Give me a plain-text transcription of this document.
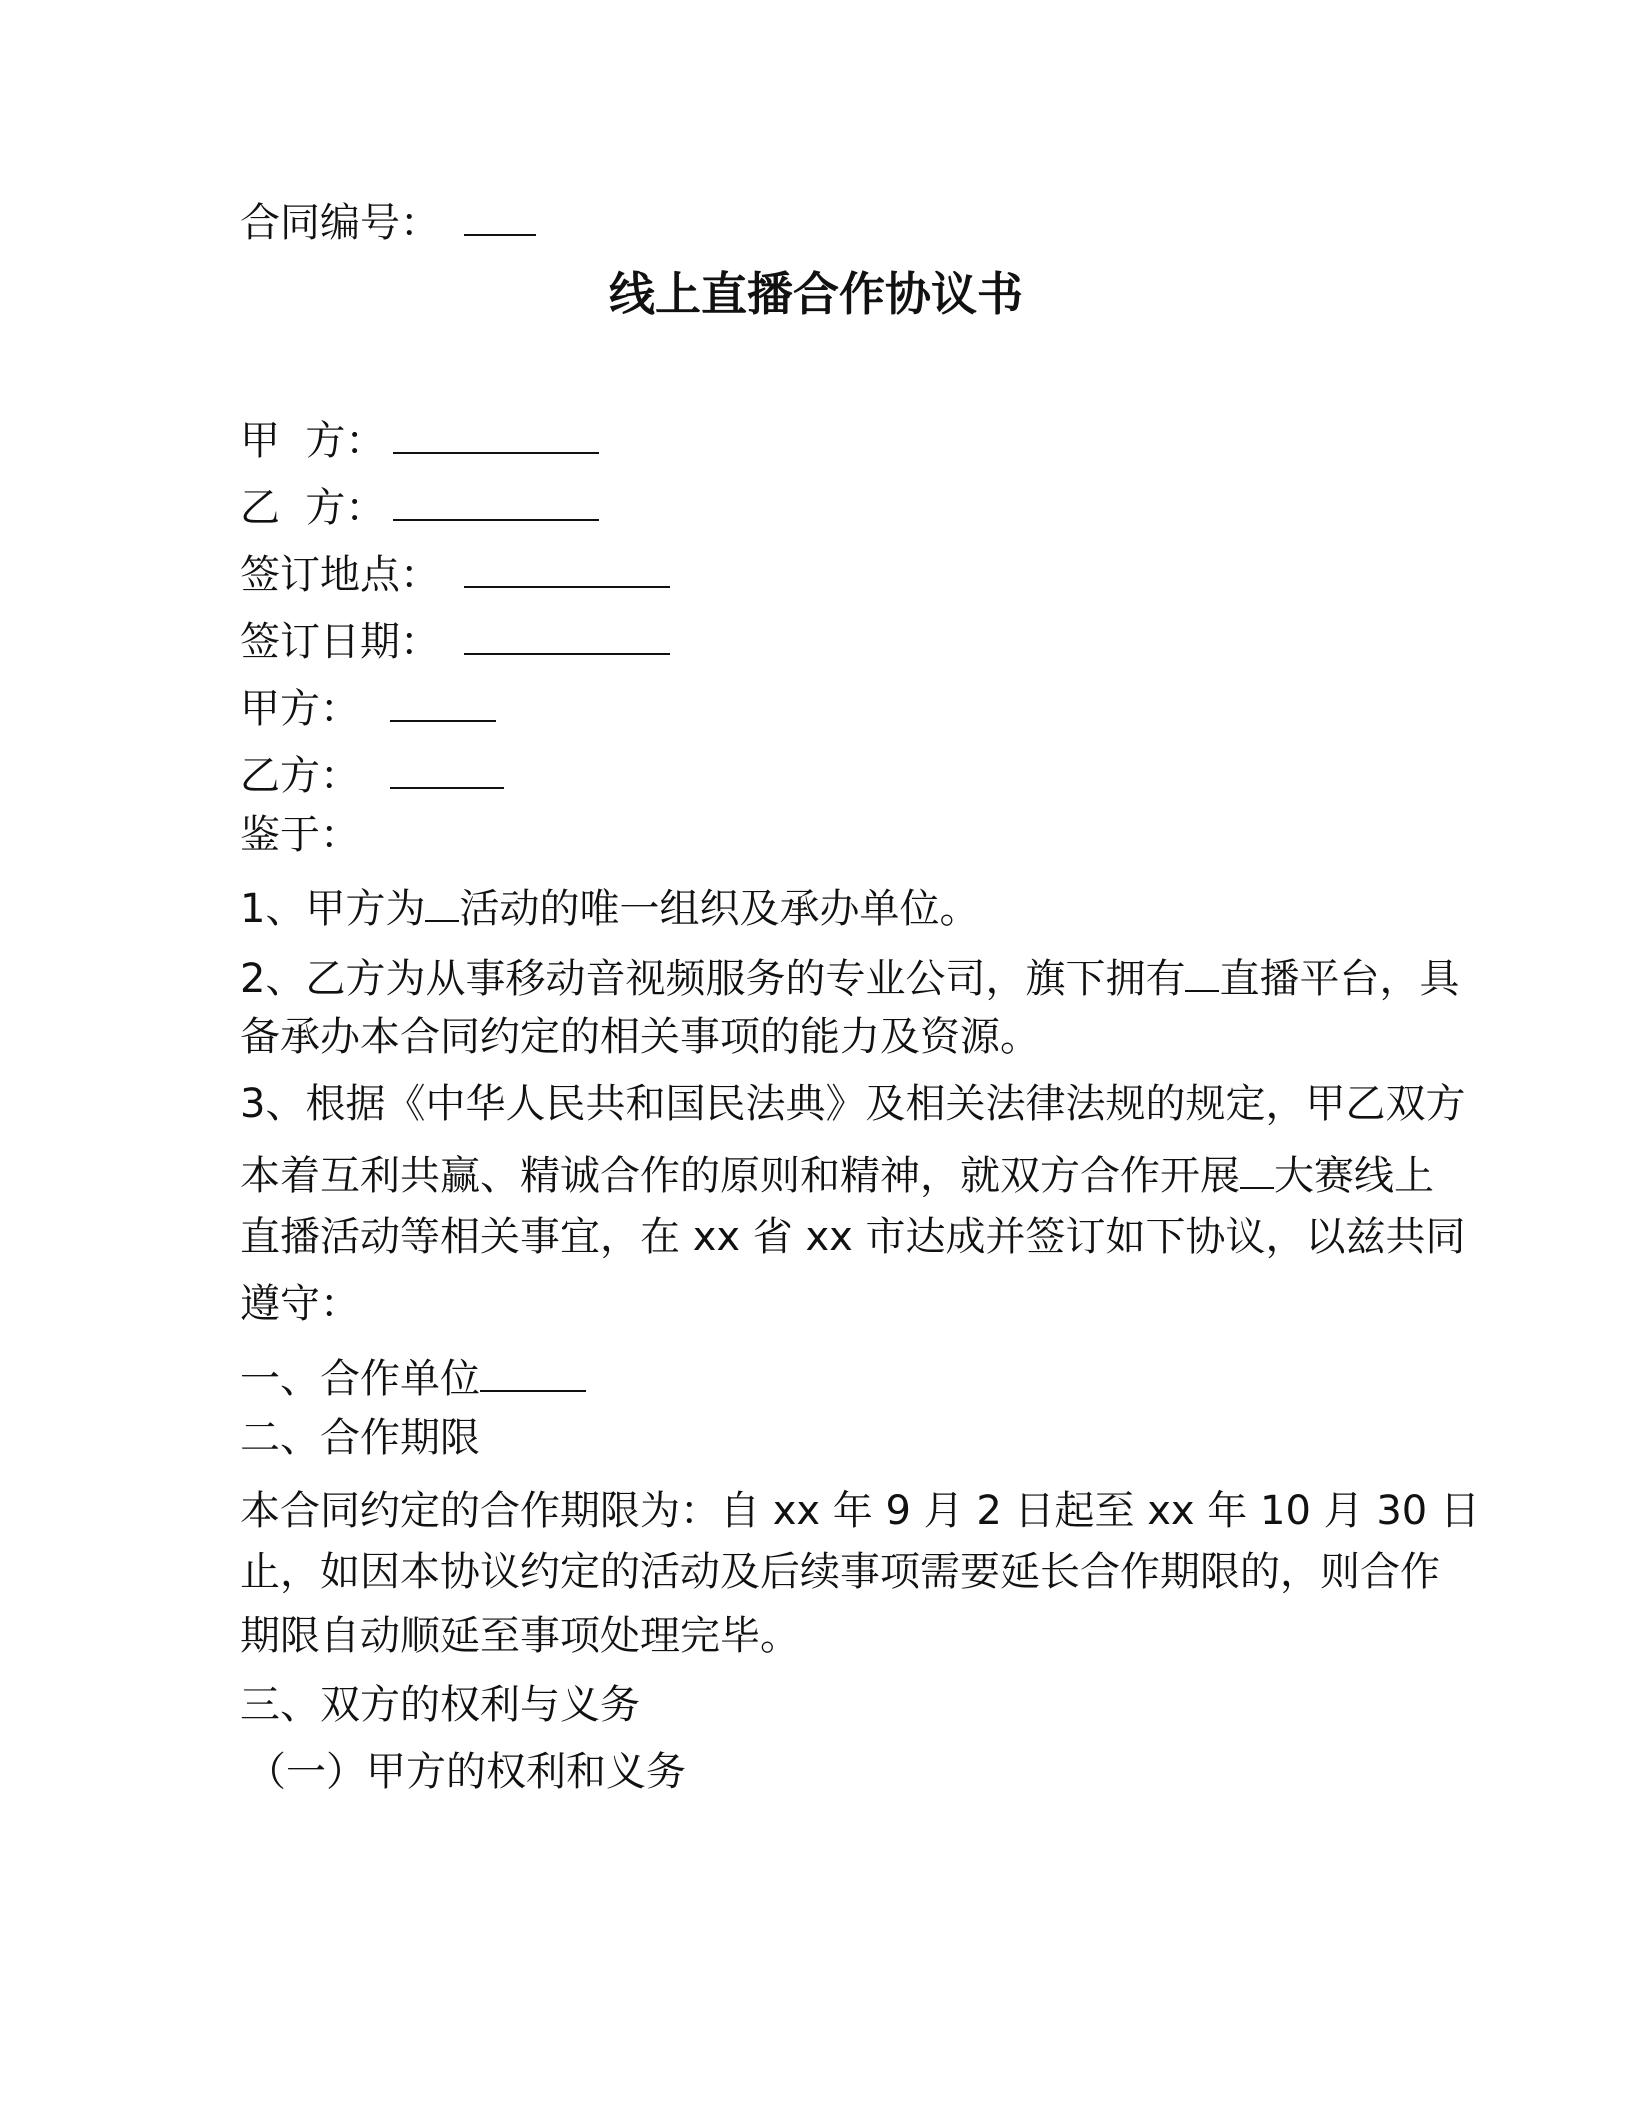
合同编号：
线上直播合作协议书
甲  方：
乙  方：
签订地点：
签订日期：
甲方：
乙方：
鉴于：
1、甲方为 活动的唯一组织及承办单位。
2、乙方为从事移动音视频服务的专业公司，旗下拥有 直播平台，具
备承办本合同约定的相关事项的能力及资源。
3、根据《中华人民共和国民法典》及相关法律法规的规定，甲乙双方
本着互利共赢、精诚合作的原则和精神，就双方合作开展 大赛线上
直播活动等相关事宜，在 xx 省 xx 市达成并签订如下协议，以兹共同
遵守：
一、合作单位
二、合作期限
本合同约定的合作期限为：自 xx 年 9 月 2 日起至 xx 年 10 月 30 日
止，如因本协议约定的活动及后续事项需要延长合作期限的，则合作
期限自动顺延至事项处理完毕。
三、双方的权利与义务
（一）甲方的权利和义务
